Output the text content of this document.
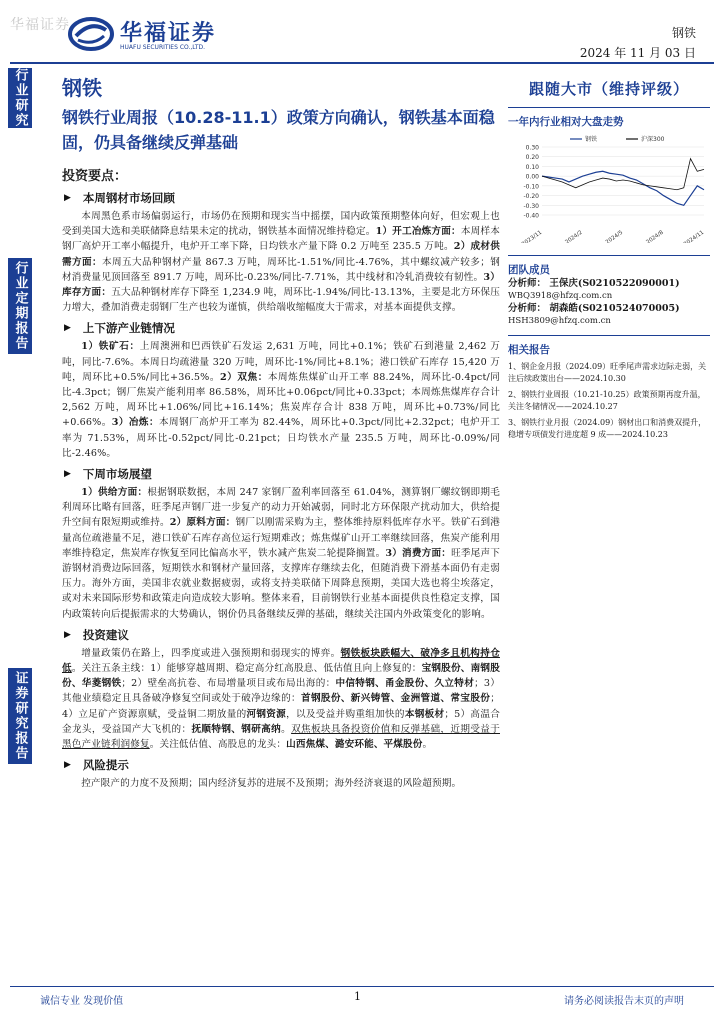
华福证券 华福证券
HUAFU SECURITIES CO.,LTD.
钢铁
2024 年 11 月 03 日
行业研究
行业定期报告
证券研究报告
钢铁
钢铁行业周报（10.28-11.1）政策方向确认，钢铁基本面稳固，仍具备继续反弹基础
投资要点：
▶ 本周钢材市场回顾
本周黑色系市场偏弱运行，市场仍在预期和现实当中摇摆，国内政策预期整体向好，但宏观上也受到美国大选和美联储降息结果未定的扰动，钢铁基本面情况维持稳定。1）开工冶炼方面：本周样本钢厂高炉开工率小幅提升，电炉开工率下降，日均铁水产量下降 0.2 万吨至 235.5 万吨。2）成材供需方面：本周五大品种钢材产量 867.3 万吨，周环比-1.51%/同比-4.76%，其中螺纹减产较多；钢材消费量见顶回落至 891.7 万吨，周环比-0.23%/同比-7.71%，其中线材和冷轧消费较有韧性。3）库存方面：五大品种钢材库存下降至 1,234.9 吨，周环比-1.94%/同比-13.13%，主要是北方环保压力增大，叠加消费走弱钢厂生产也较为谨慎，供给端收缩幅度大于需求，对基本面提供支撑。
▶ 上下游产业链情况
1）铁矿石：上周澳洲和巴西铁矿石发运 2,631 万吨，同比+0.1%；铁矿石到港量 2,462 万吨，同比-7.6%。本周日均疏港量 320 万吨，周环比-1%/同比+8.1%；港口铁矿石库存 15,420 万吨，周环比+0.5%/同比+36.5%。2）双焦：本周炼焦煤矿山开工率 88.24%，周环比-0.4pct/同比-4.3pct；钢厂焦炭产能利用率 86.58%，周环比+0.06pct/同比+0.33pct；本周炼焦煤库存合计 2,562 万吨，周环比+1.06%/同比+16.14%；焦炭库存合计 838 万吨，周环比+0.73%/同比+0.66%。3）冶炼：本周钢厂高炉开工率为 82.44%，周环比+0.3pct/同比+2.32pct；电炉开工率为 71.53%，周环比-0.52pct/同比-0.21pct；日均铁水产量 235.5 万吨，周环比-0.09%/同比-2.46%。
▶ 下周市场展望
1）供给方面：根据钢联数据，本周 247 家钢厂盈利率回落至 61.04%，测算钢厂螺纹钢即期毛利周环比略有回落，旺季尾声钢厂进一步复产的动力开始减弱，同时北方环保限产扰动加大，供给提升空间有限短期或维持。2）原料方面：钢厂以刚需采购为主，整体维持原料低库存水平。铁矿石到港量高位疏港量不足，港口铁矿石库存高位运行短期难改；炼焦煤矿山开工率继续回落，焦炭产能利用率维持稳定，焦炭库存恢复至同比偏高水平，铁水减产焦炭二轮提降搁置。3）消费方面：旺季尾声下游钢材消费边际回落，短期铁水和钢材产量回落，支撑库存继续去化，但随消费下滑基本面仍有走弱压力。海外方面，美国非农就业数据疲弱，或将支持美联储下周降息预期，美国大选也将尘埃落定，或对未来国际形势和政策走向造成较大影响。整体来看，目前钢铁行业基本面提供良性稳定支撑，国内政策转向后提振需求的大势确认，钢价仍具备继续反弹的基础，继续关注国内外政策变化的影响。
▶ 投资建议
增量政策仍在路上，四季度或进入强预期和弱现实的博弈。钢铁板块跌幅大、破净多且机构持仓低。关注五条主线：1）能够穿越周期、稳定高分红高股息、低估值且向上修复的：宝钢股份、南钢股份、华菱钢铁；2）壁垒高抗卷、布局增量项目或布局出海的：中信特钢、甬金股份、久立特材；3）其他业绩稳定且具备破净修复空间或处于破净边缘的：首钢股份、新兴铸管、金洲管道、常宝股份；4）立足矿产资源禀赋，受益铜二期放量的河钢资源，以及受益并购重组加快的本钢板材；5）高温合金龙头，受益国产大飞机的：抚顺特钢、钢研高纳。双焦板块具备投资价值和反弹基础，近期受益于黑色产业链利润修复。关注低估值、高股息的龙头：山西焦煤、潞安环能、平煤股份。
▶ 风险提示
控产限产的力度不及预期；国内经济复苏的进展不及预期；海外经济衰退的风险超预期。
跟随大市（维持评级）
一年内行业相对大盘走势
0.30
0.20
0.10
0.00
-0.10
-0.20
-0.30
-0.40
2023/11	2024/2	2024/5	2024/8	2024/11
钢铁	沪深300
团队成员
分析师： 王保庆(S0210522090001)
WBQ3918@hfzq.com.cn
分析师： 胡森皓(S0210524070005)
HSH3809@hfzq.com.cn
相关报告
1、钢企金月报（2024.09）旺季尾声需求边际走弱，关注后续政策出台——2024.10.30
2、钢铁行业周报（10.21-10.25）政策预期再度升温，关注冬储情况——2024.10.27
3、钢铁行业月报（2024.09）钢材出口和消费双提升，稳增专项债发行进度超 9 成——2024.10.23
诚信专业 发现价值	1	请务必阅读报告末页的声明
